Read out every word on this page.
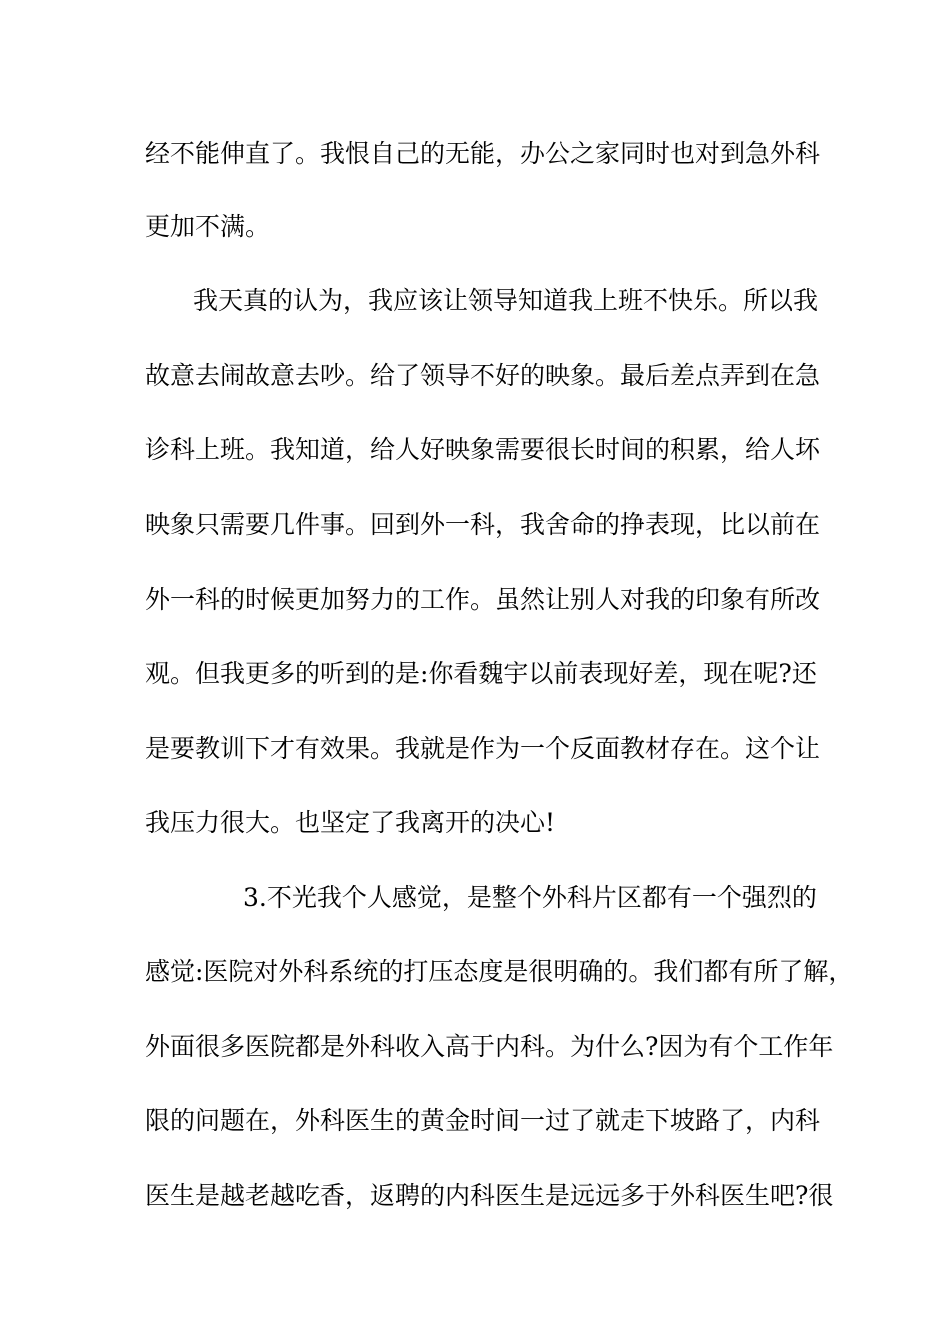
经不能伸直了。我恨自己的无能，办公之家同时也对到急外科
更加不满。
我天真的认为，我应该让领导知道我上班不快乐。所以我
故意去闹故意去吵。给了领导不好的映象。最后差点弄到在急
诊科上班。我知道，给人好映象需要很长时间的积累，给人坏
映象只需要几件事。回到外一科，我舍命的挣表现，比以前在
外一科的时候更加努力的工作。虽然让别人对我的印象有所改
观。但我更多的听到的是:你看魏宇以前表现好差，现在呢?还
是要教训下才有效果。我就是作为一个反面教材存在。这个让
我压力很大。也坚定了我离开的决心!
3.不光我个人感觉，是整个外科片区都有一个强烈的
感觉:医院对外科系统的打压态度是很明确的。我们都有所了解，
外面很多医院都是外科收入高于内科。为什么?因为有个工作年
限的问题在，外科医生的黄金时间一过了就走下坡路了，内科
医生是越老越吃香，返聘的内科医生是远远多于外科医生吧?很
